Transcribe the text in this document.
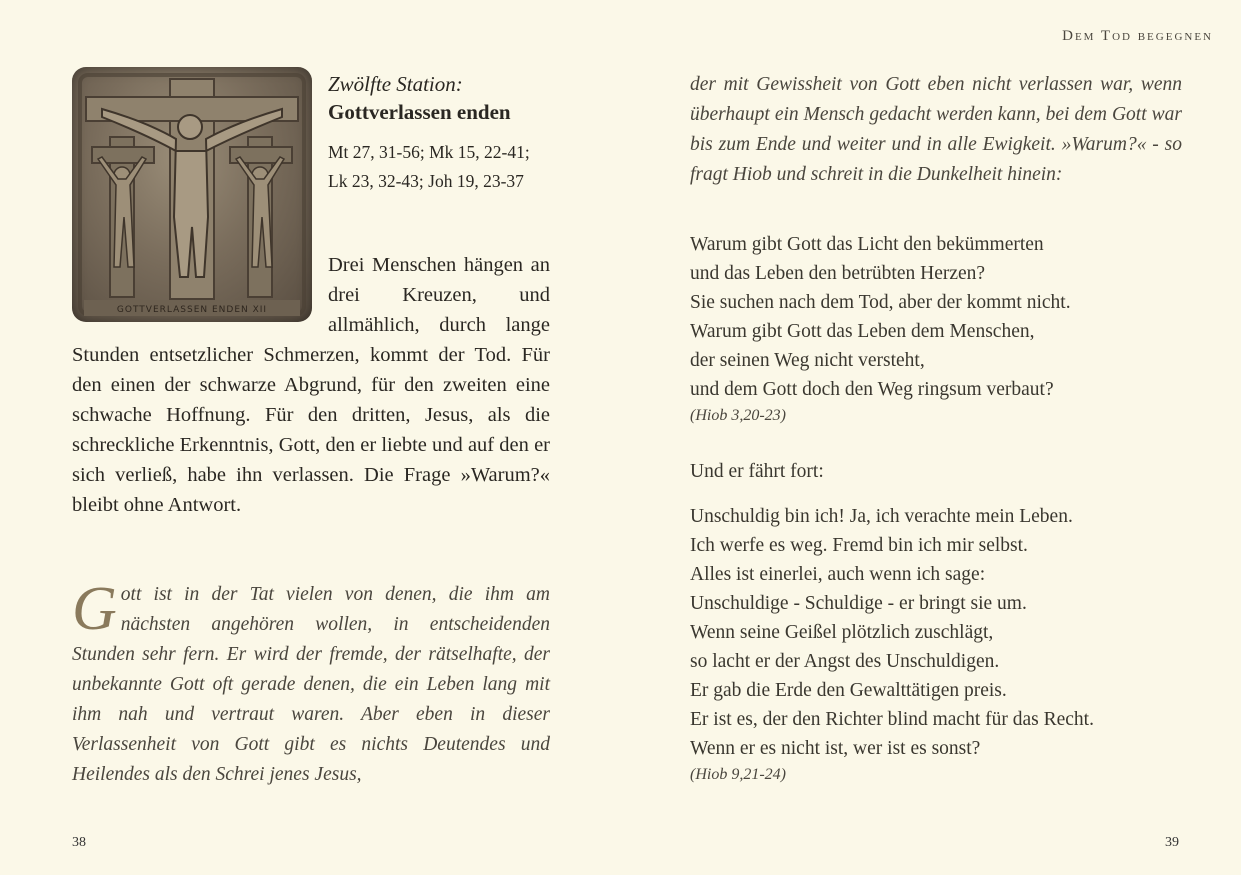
GOTTVERLASSEN ENDEN XII
Zwölfte Station:
Gottverlassen enden
Mt 27, 31-56; Mk 15, 22-41; Lk 23, 32-43; Joh 19, 23-37
Drei Menschen hängen an drei Kreuzen, und allmählich, durch lange Stunden entsetzlicher Schmerzen, kommt der Tod. Für den einen der schwarze Abgrund, für den zweiten eine schwache Hoffnung. Für den dritten, Jesus, als die schreckliche Erkenntnis, Gott, den er liebte und auf den er sich verließ, habe ihn verlassen. Die Frage »Warum?« bleibt ohne Antwort.
Gott ist in der Tat vielen von denen, die ihm am nächsten angehören wollen, in entscheidenden Stunden sehr fern. Er wird der fremde, der rätselhafte, der unbekannte Gott oft gerade denen, die ein Leben lang mit ihm nah und vertraut waren. Aber eben in dieser Verlassenheit von Gott gibt es nichts Deutendes und Heilendes als den Schrei jenes Jesus,
38
Dem Tod begegnen
der mit Gewissheit von Gott eben nicht verlassen war, wenn überhaupt ein Mensch gedacht werden kann, bei dem Gott war bis zum Ende und weiter und in alle Ewigkeit. »Warum?« - so fragt Hiob und schreit in die Dunkelheit hinein:
Warum gibt Gott das Licht den bekümmerten
und das Leben den betrübten Herzen?
Sie suchen nach dem Tod, aber der kommt nicht.
Warum gibt Gott das Leben dem Menschen,
der seinen Weg nicht versteht,
und dem Gott doch den Weg ringsum verbaut?
(Hiob 3,20-23)
Und er fährt fort:
Unschuldig bin ich! Ja, ich verachte mein Leben.
Ich werfe es weg. Fremd bin ich mir selbst.
Alles ist einerlei, auch wenn ich sage:
Unschuldige - Schuldige - er bringt sie um.
Wenn seine Geißel plötzlich zuschlägt,
so lacht er der Angst des Unschuldigen.
Er gab die Erde den Gewalttätigen preis.
Er ist es, der den Richter blind macht für das Recht.
Wenn er es nicht ist, wer ist es sonst?
(Hiob 9,21-24)
39
